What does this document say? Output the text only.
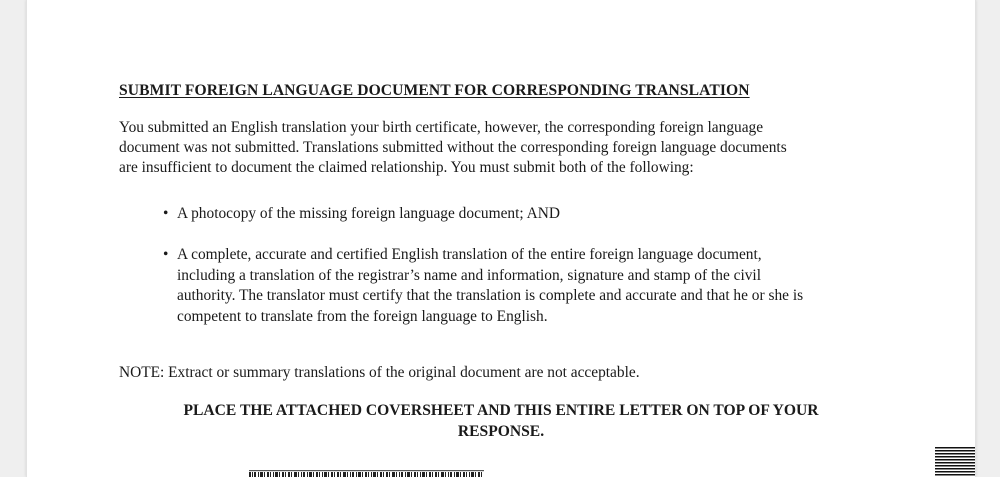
SUBMIT FOREIGN LANGUAGE DOCUMENT FOR CORRESPONDING TRANSLATION

You submitted an English translation your birth certificate, however, the corresponding foreign language
document was not submitted. Translations submitted without the corresponding foreign language documents
are insufficient to document the claimed relationship. You must submit both of the following:

• A photocopy of the missing foreign language document; AND
• A complete, accurate and certified English translation of the entire foreign language document,
including a translation of the registrar’s name and information, signature and stamp of the civil
authority. The translator must certify that the translation is complete and accurate and that he or she is
competent to translate from the foreign language to English.
NOTE: Extract or summary translations of the original document are not acceptable.
PLACE THE ATTACHED COVERSHEET AND THIS ENTIRE LETTER ON TOP OF YOUR
RESPONSE.
